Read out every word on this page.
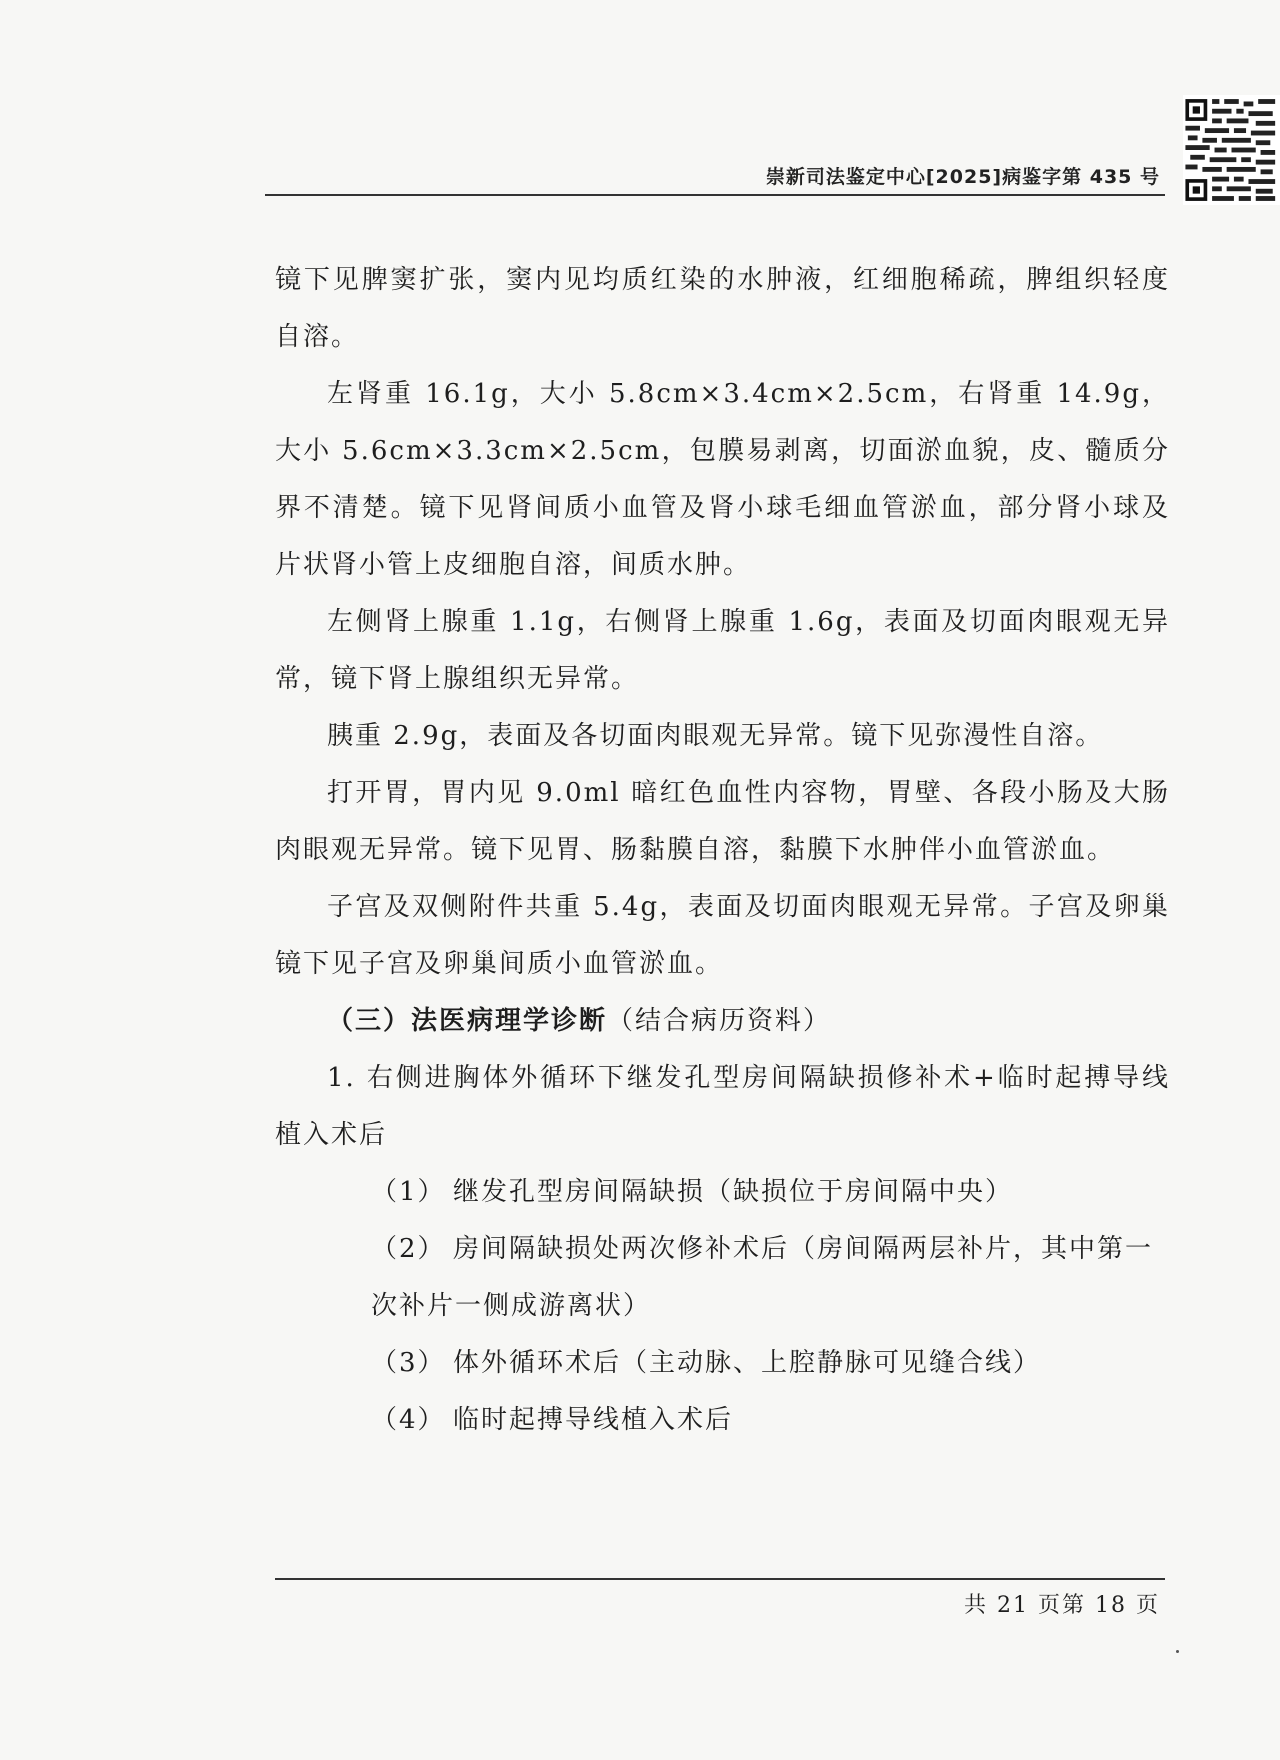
崇新司法鉴定中心[2025]病鉴字第 435 号

镜下见脾窦扩张，窦内见均质红染的水肿液，红细胞稀疏，脾组织轻度自溶。

左肾重 16.1g，大小 5.8cm×3.4cm×2.5cm，右肾重 14.9g，大小 5.6cm×3.3cm×2.5cm，包膜易剥离，切面淤血貌，皮、髓质分界不清楚。镜下见肾间质小血管及肾小球毛细血管淤血，部分肾小球及片状肾小管上皮细胞自溶，间质水肿。

左侧肾上腺重 1.1g，右侧肾上腺重 1.6g，表面及切面肉眼观无异常，镜下肾上腺组织无异常。

胰重 2.9g，表面及各切面肉眼观无异常。镜下见弥漫性自溶。

打开胃，胃内见 9.0ml 暗红色血性内容物，胃壁、各段小肠及大肠肉眼观无异常。镜下见胃、肠黏膜自溶，黏膜下水肿伴小血管淤血。

子宫及双侧附件共重 5.4g，表面及切面肉眼观无异常。子宫及卵巢镜下见子宫及卵巢间质小血管淤血。

（三）法医病理学诊断（结合病历资料）

1. 右侧进胸体外循环下继发孔型房间隔缺损修补术+临时起搏导线植入术后

（1） 继发孔型房间隔缺损（缺损位于房间隔中央）

（2） 房间隔缺损处两次修补术后（房间隔两层补片，其中第一次补片一侧成游离状）

（3） 体外循环术后（主动脉、上腔静脉可见缝合线）

（4） 临时起搏导线植入术后

共 21 页第 18 页
